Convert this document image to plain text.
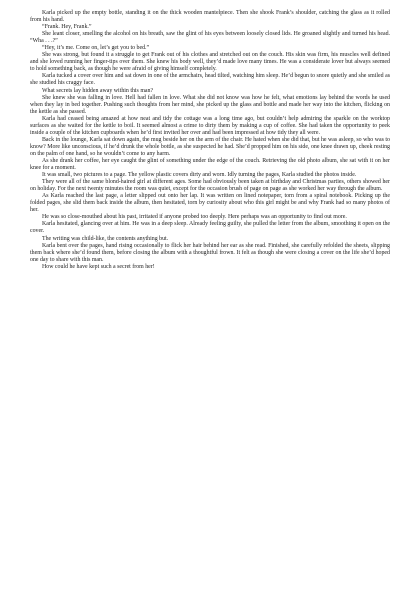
Karla picked up the empty bottle, standing it on the thick wooden mantelpiece. Then she shook Frank’s shoulder, catching the glass as it rolled from his hand.

“Frank. Hey, Frank.”

She leant closer, smelling the alcohol on his breath, saw the glint of his eyes between loosely closed lids. He groaned slightly and turned his head. “Wha . . .?”

“Hey, it’s me. Come on, let’s get you to bed.”

She was strong, but found it a struggle to get Frank out of his clothes and stretched out on the couch. His skin was firm, his muscles well defined and she loved running her finger-tips over them. She knew his body well, they’d made love many times. He was a considerate lover but always seemed to hold something back, as though he were afraid of giving himself completely.

Karla tucked a cover over him and sat down in one of the armchairs, head tilted, watching him sleep. He’d begun to snore quietly and she smiled as she studied his craggy face.

What secrets lay hidden away within this man?

She knew she was falling in love. Hell had fallen in love. What she did not know was how he felt, what emotions lay behind the words he used when they lay in bed together. Pushing such thoughts from her mind, she picked up the glass and bottle and made her way into the kitchen, flicking on the kettle as she passed.

Karla had ceased being amazed at how neat and tidy the cottage was a long time ago, but couldn’t help admiring the sparkle on the worktop surfaces as she waited for the kettle to boil. It seemed almost a crime to dirty them by making a cup of coffee. She had taken the opportunity to peek inside a couple of the kitchen cupboards when he’d first invited her over and had been impressed at how tidy they all were.

Back in the lounge, Karla sat down again, the mug beside her on the arm of the chair. He hated when she did that, but he was asleep, so who was to know? More like unconscious, if he’d drunk the whole bottle, as she suspected he had. She’d propped him on his side, one knee drawn up, cheek resting on the palm of one hand, so he wouldn’t come to any harm.

As she drank her coffee, her eye caught the glint of something under the edge of the couch. Retrieving the old photo album, she sat with it on her knee for a moment.

It was small, two pictures to a page. The yellow plastic covers dirty and worn. Idly turning the pages, Karla studied the photos inside.

They were all of the same blond-haired girl at different ages. Some had obviously been taken at birthday and Christmas parties, others showed her on holiday. For the next twenty minutes the room was quiet, except for the occasion brush of page on page as she worked her way through the album.

As Karla reached the last page, a letter slipped out onto her lap. It was written on lined notepaper, torn from a spiral notebook. Picking up the folded pages, she slid them back inside the album, then hesitated, torn by curiosity about who this girl might be and why Frank had so many photos of her.

He was so close-mouthed about his past, irritated if anyone probed too deeply. Here perhaps was an opportunity to find out more.

Karla hesitated, glancing over at him. He was in a deep sleep. Already feeling guilty, she pulled the letter from the album, smoothing it open on the cover.

The writing was child-like, the contents anything but.

Karla bent over the pages, hand rising occasionally to flick her hair behind her ear as she read. Finished, she carefully refolded the sheets, slipping them back where she’d found them, before closing the album with a thoughtful frown. It felt as though she were closing a cover on the life she’d hoped one day to share with this man.

How could he have kept such a secret from her!
